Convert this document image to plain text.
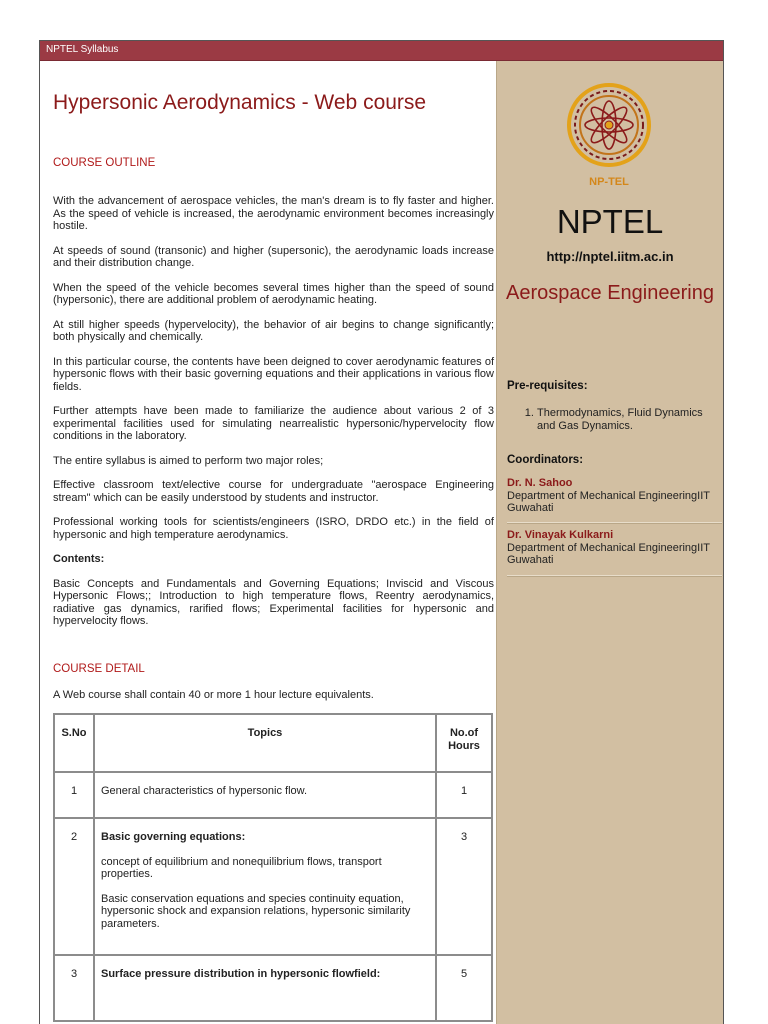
NPTEL Syllabus
Hypersonic Aerodynamics - Web course
COURSE OUTLINE

With the advancement of aerospace vehicles, the man's dream is to fly faster and higher. As the speed of vehicle is increased, the aerodynamic environment becomes increasingly hostile.

At speeds of sound (transonic) and higher (supersonic), the aerodynamic loads increase and their distribution change.

When the speed of the vehicle becomes several times higher than the speed of sound (hypersonic), there are additional problem of aerodynamic heating.

At still higher speeds (hypervelocity), the behavior of air begins to change significantly; both physically and chemically.

In this particular course, the contents have been deigned to cover aerodynamic features of hypersonic flows with their basic governing equations and their applications in various flow fields.

Further attempts have been made to familiarize the audience about various 2 of 3 experimental facilities used for simulating nearrealistic hypersonic/hypervelocity flow conditions in the laboratory.

The entire syllabus is aimed to perform two major roles;

Effective classroom text/elective course for undergraduate "aerospace Engineering stream" which can be easily understood by students and instructor.

Professional working tools for scientists/engineers (ISRO, DRDO etc.) in the field of hypersonic and high temperature aerodynamics.

Contents:

Basic Concepts and Fundamentals and Governing Equations; Inviscid and Viscous Hypersonic Flows;; Introduction to high temperature flows, Reentry aerodynamics, radiative gas dynamics, rarified flows; Experimental facilities for hypersonic and hypervelocity flows.

COURSE DETAIL
A Web course shall contain 40 or more 1 hour lecture equivalents.
S.No	Topics	No.of Hours
1	General characteristics of hypersonic flow.	1
2	Basic governing equations:

concept of equilibrium and nonequilibrium flows, transport properties.

Basic conservation equations and species continuity equation, hypersonic shock and expansion relations, hypersonic similarity parameters.	3
3	Surface pressure distribution in hypersonic flowfield:	5
NP-TEL
NPTEL
http://nptel.iitm.ac.in
Aerospace Engineering
Pre-requisites:
1. Thermodynamics, Fluid Dynamics and Gas Dynamics.
Coordinators:
Dr. N. Sahoo
Department of Mechanical EngineeringIIT Guwahati
Dr. Vinayak Kulkarni
Department of Mechanical EngineeringIIT Guwahati
